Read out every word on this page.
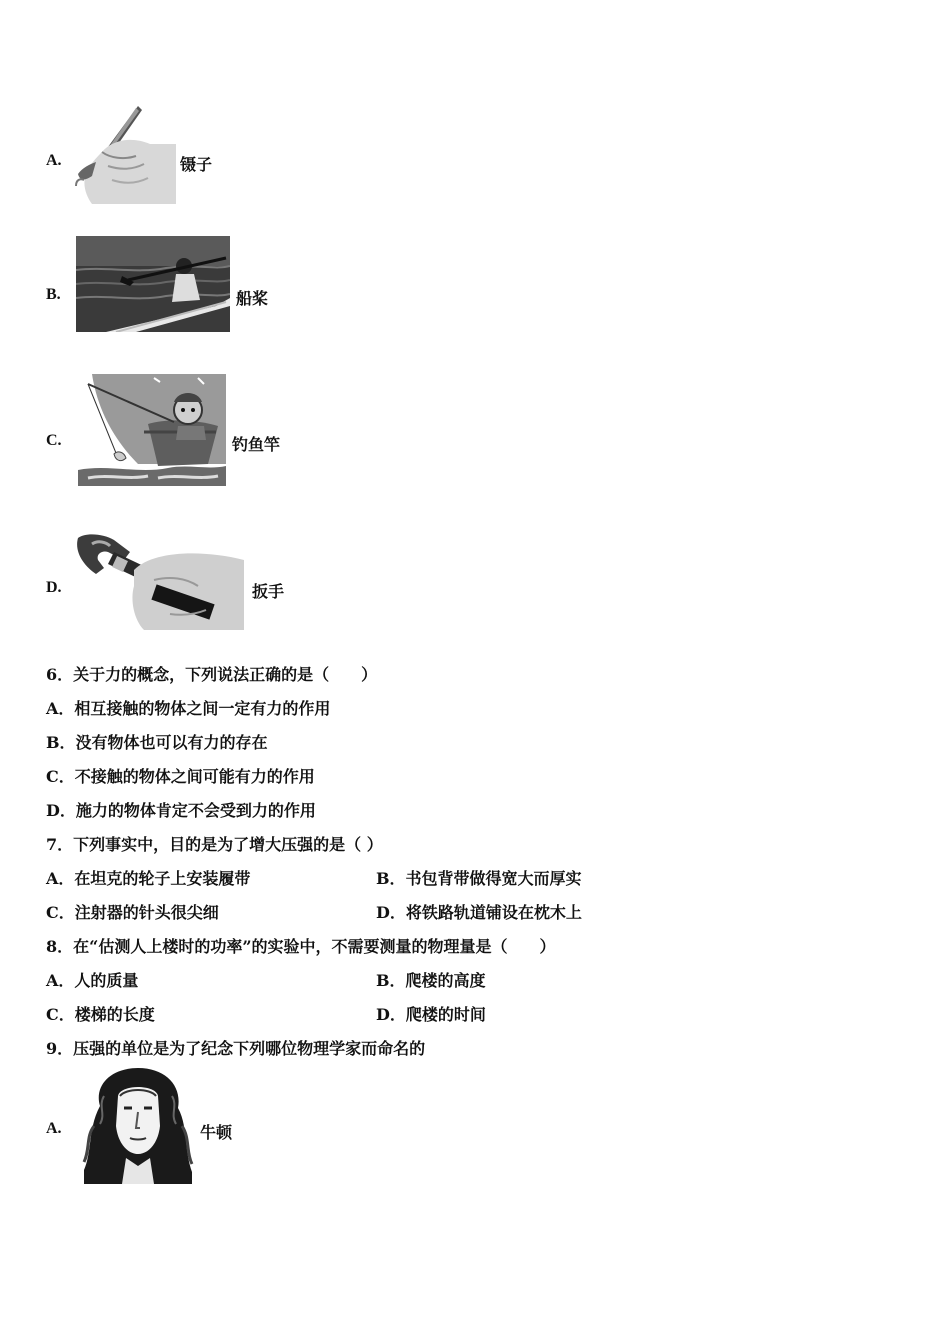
A.	镊子
B.	船桨
C.	钓鱼竿
D.	扳手
6．关于力的概念，下列说法正确的是（　　）
A．相互接触的物体之间一定有力的作用
B．没有物体也可以有力的存在
C．不接触的物体之间可能有力的作用
D．施力的物体肯定不会受到力的作用
7．下列事实中，目的是为了增大压强的是（ ）
A．在坦克的轮子上安装履带	B．书包背带做得宽大而厚实
C．注射器的针头很尖细	D．将铁路轨道铺设在枕木上
8．在“估测人上楼时的功率”的实验中，不需要测量的物理量是（　　）
A．人的质量	B．爬楼的高度
C．楼梯的长度	D．爬楼的时间
9．压强的单位是为了纪念下列哪位物理学家而命名的
A.	牛顿
